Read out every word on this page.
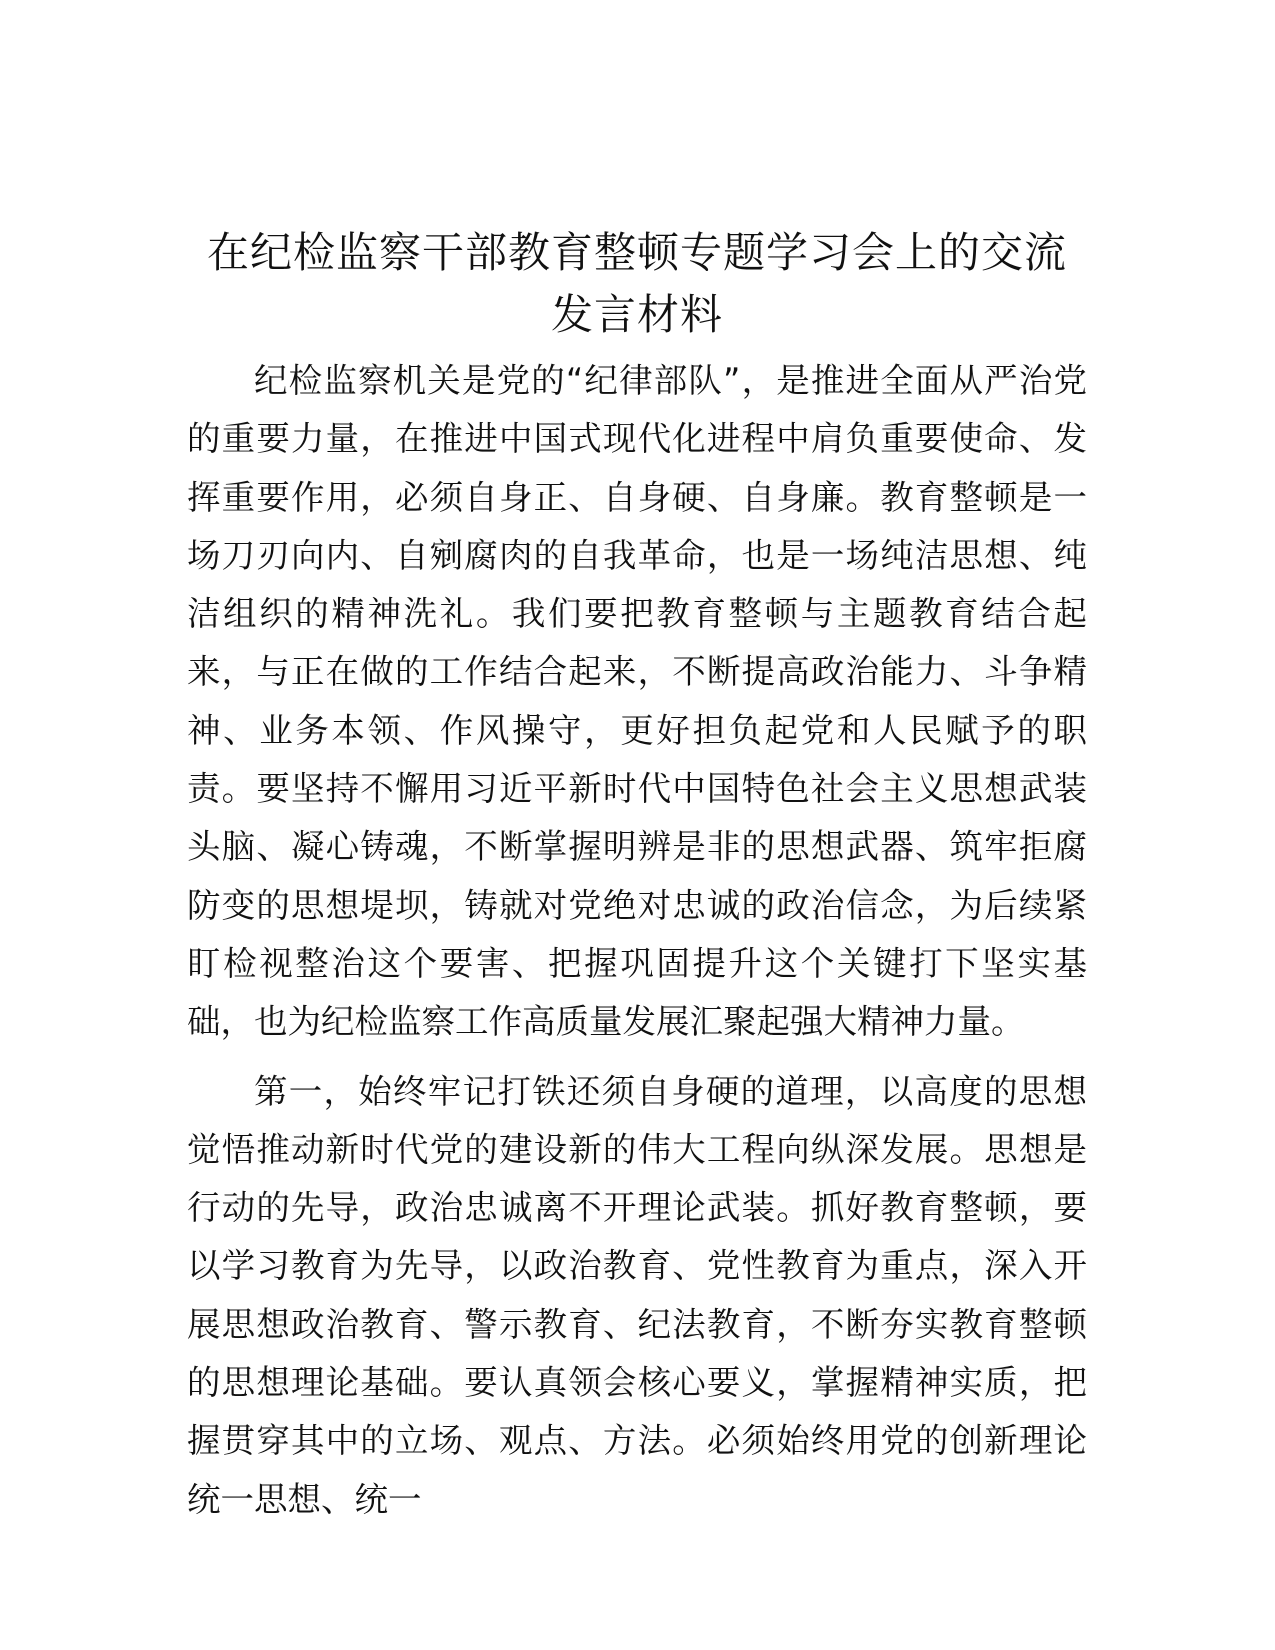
在纪检监察干部教育整顿专题学习会上的交流
发言材料

纪检监察机关是党的“纪律部队”，是推进全面从严治党的重要力量，在推进中国式现代化进程中肩负重要使命、发挥重要作用，必须自身正、自身硬、自身廉。教育整顿是一场刀刃向内、自剜腐肉的自我革命，也是一场纯洁思想、纯洁组织的精神洗礼。我们要把教育整顿与主题教育结合起来，与正在做的工作结合起来，不断提高政治能力、斗争精神、业务本领、作风操守，更好担负起党和人民赋予的职责。要坚持不懈用习近平新时代中国特色社会主义思想武装头脑、凝心铸魂，不断掌握明辨是非的思想武器、筑牢拒腐防变的思想堤坝，铸就对党绝对忠诚的政治信念，为后续紧盯检视整治这个要害、把握巩固提升这个关键打下坚实基础，也为纪检监察工作高质量发展汇聚起强大精神力量。

第一，始终牢记打铁还须自身硬的道理，以高度的思想觉悟推动新时代党的建设新的伟大工程向纵深发展。思想是行动的先导，政治忠诚离不开理论武装。抓好教育整顿，要以学习教育为先导，以政治教育、党性教育为重点，深入开展思想政治教育、警示教育、纪法教育，不断夯实教育整顿的思想理论基础。要认真领会核心要义，掌握精神实质，把握贯穿其中的立场、观点、方法。必须始终用党的创新理论统一思想、统一
